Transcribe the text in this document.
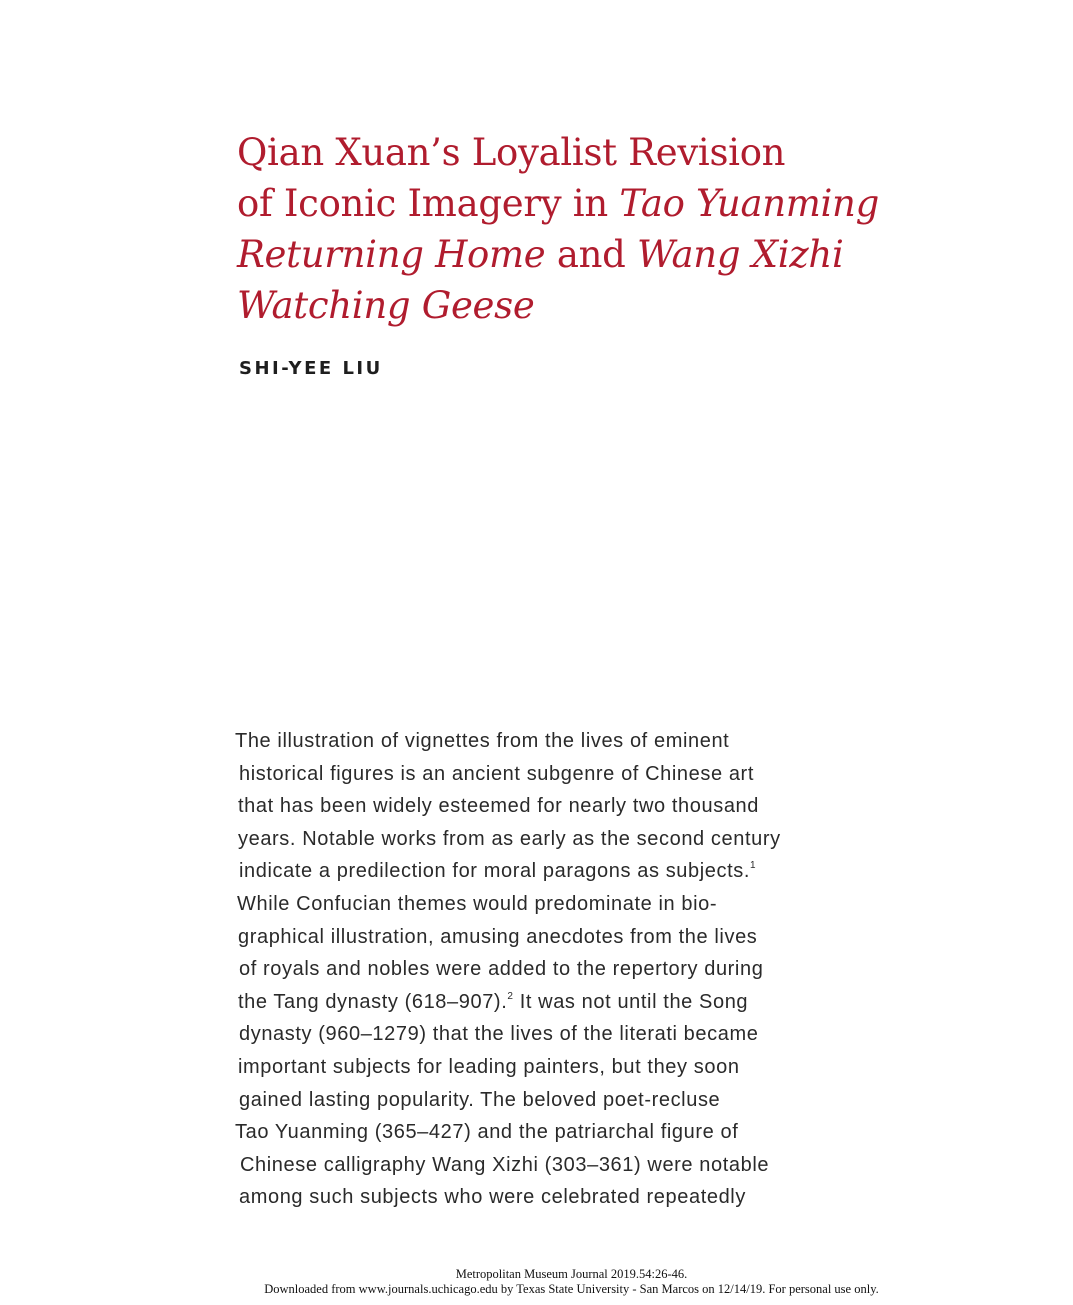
Qian Xuan’s Loyalist Revision
of Iconic Imagery in Tao Yuanming
Returning Home and Wang Xizhi
Watching Geese
SHI-YEE LIU
The illustration of vignettes from the lives of eminent
historical figures is an ancient subgenre of Chinese art
that has been widely esteemed for nearly two thousand
years. Notable works from as early as the second century
indicate a predilection for moral paragons as subjects.$^1$
While Confucian themes would predominate in bio-
graphical illustration, amusing anecdotes from the lives
of royals and nobles were added to the repertory during
the Tang dynasty (618–907).$^2$ It was not until the Song
dynasty (960–1279) that the lives of the literati became
important subjects for leading painters, but they soon
gained lasting popularity. The beloved poet-recluse
Tao Yuanming (365–427) and the patriarchal figure of
Chinese calligraphy Wang Xizhi (303–361) were notable
among such subjects who were celebrated repeatedly
Metropolitan Museum Journal 2019.54:26-46.
Downloaded from www.journals.uchicago.edu by Texas State University - San Marcos on 12/14/19. For personal use only.
